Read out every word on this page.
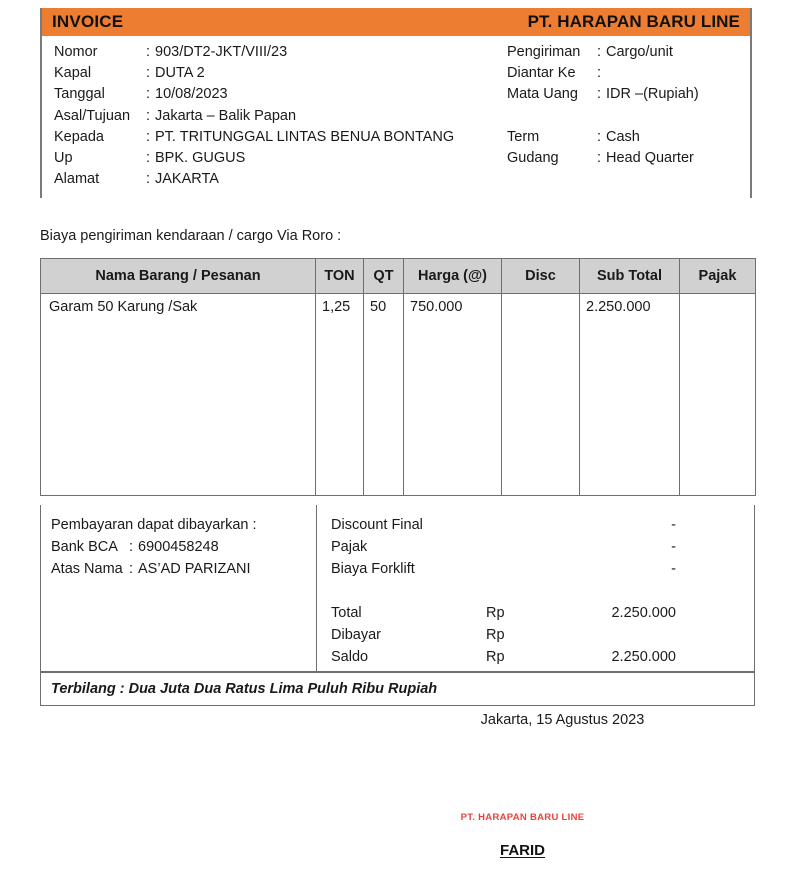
INVOICE	PT. HARAPAN BARU LINE
Nomor	: 903/DT2-JKT/VIII/23
Kapal	: DUTA 2
Tanggal	: 10/08/2023
Asal/Tujuan	: Jakarta – Balik Papan
Kepada	: PT. TRITUNGGAL LINTAS BENUA BONTANG
Up	: BPK. GUGUS
Alamat	: JAKARTA
Pengiriman	: Cargo/unit
Diantar Ke	:
Mata Uang	: IDR –(Rupiah)
Term	: Cash
Gudang	: Head Quarter
Biaya pengiriman kendaraan / cargo Via Roro :
Nama Barang / Pesanan	TON	QT	Harga (@)	Disc	Sub Total	Pajak
Garam 50 Karung /Sak	1,25	50	750.000		2.250.000	
Pembayaran dapat dibayarkan :
Bank BCA : 6900458248
Atas Nama : AS’AD PARIZANI
Discount Final	-
Pajak	-
Biaya Forklift	-
Total	Rp	2.250.000
Dibayar	Rp
Saldo	Rp	2.250.000
Terbilang : Dua Juta Dua Ratus Lima Puluh Ribu Rupiah
Jakarta, 15 Agustus 2023
PT. HARAPAN BARU LINE
FARID
